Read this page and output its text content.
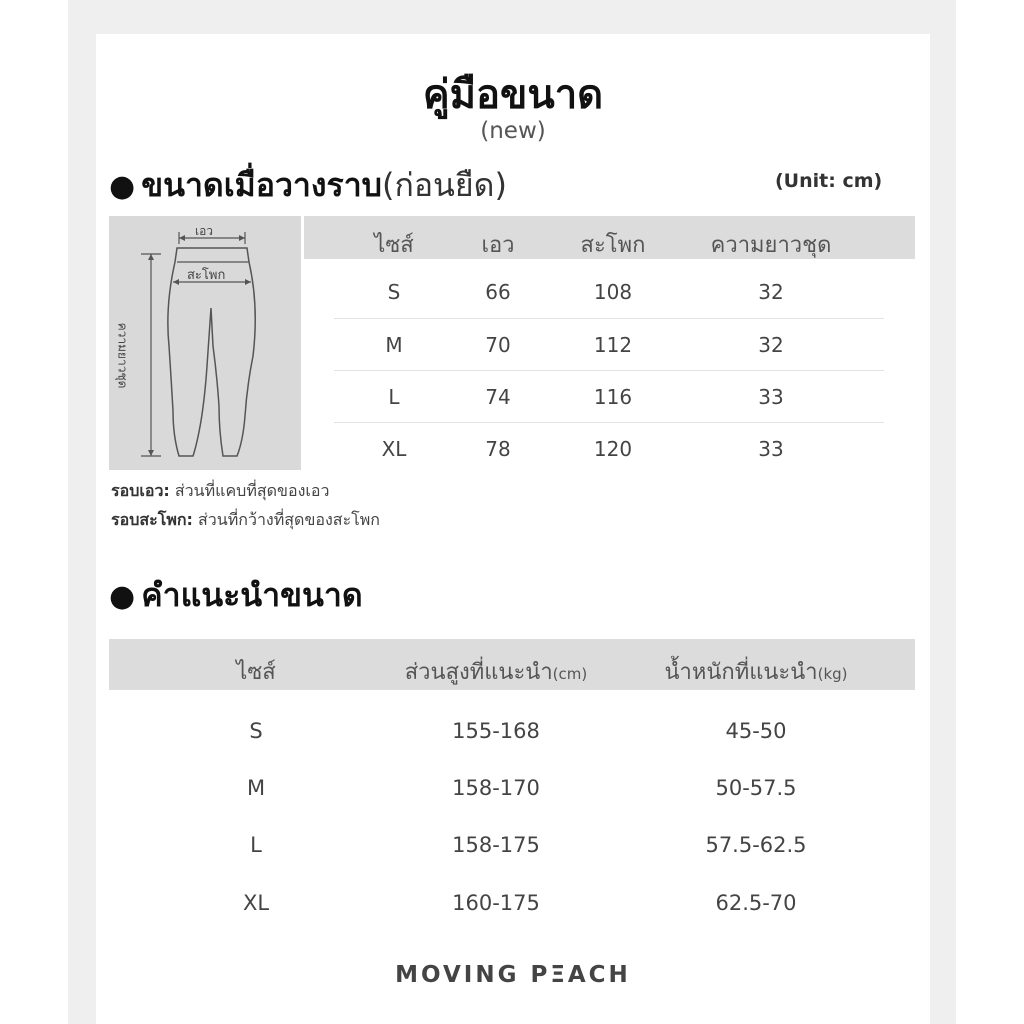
คู่มือขนาด
(new)
● ขนาดเมื่อวางราบ(ก่อนยืด)	(Unit: cm)
เอว
สะโพก
ความยาวชุด
ไซส์	เอว	สะโพก	ความยาวชุด
S	66	108	32
M	70	112	32
L	74	116	33
XL	78	120	33
รอบเอว: ส่วนที่แคบที่สุดของเอว
รอบสะโพก: ส่วนที่กว้างที่สุดของสะโพก
● คำแนะนำขนาด
ไซส์	ส่วนสูงที่แนะนำ(cm)	น้ำหนักที่แนะนำ(kg)
S	155-168	45-50
M	158-170	50-57.5
L	158-175	57.5-62.5
XL	160-175	62.5-70
MOVING PΞACH
